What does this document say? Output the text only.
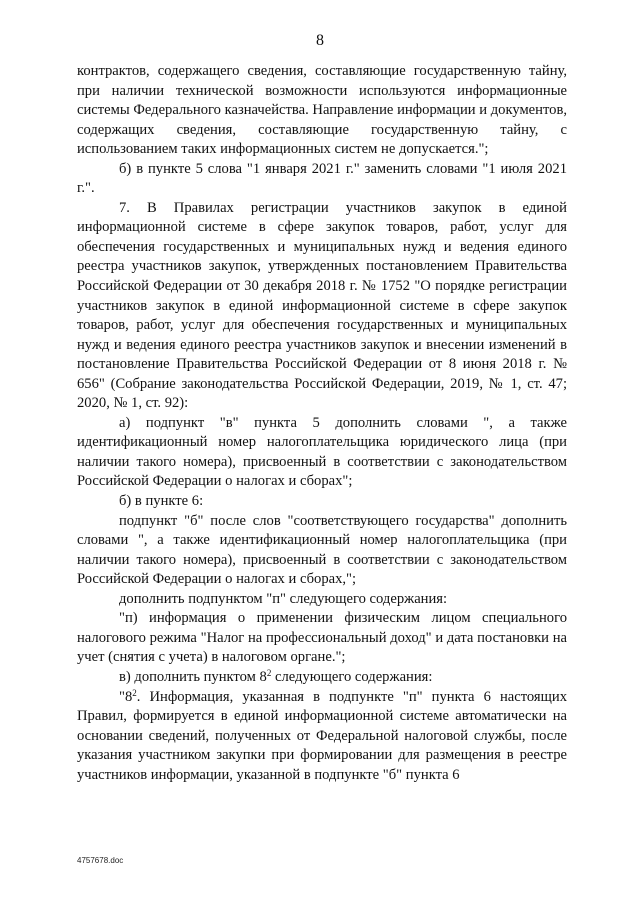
8

контрактов, содержащего сведения, составляющие государственную тайну, при наличии технической возможности используются информационные системы Федерального казначейства. Направление информации и документов, содержащих сведения, составляющие государственную тайну, с использованием таких информационных систем не допускается.";

б) в пункте 5 слова "1 января 2021 г." заменить словами "1 июля 2021 г.".

7. В Правилах регистрации участников закупок в единой информационной системе в сфере закупок товаров, работ, услуг для обеспечения государственных и муниципальных нужд и ведения единого реестра участников закупок, утвержденных постановлением Правительства Российской Федерации от 30 декабря 2018 г. № 1752 "О порядке регистрации участников закупок в единой информационной системе в сфере закупок товаров, работ, услуг для обеспечения государственных и муниципальных нужд и ведения единого реестра участников закупок и внесении изменений в постановление Правительства Российской Федерации от 8 июня 2018 г. № 656" (Собрание законодательства Российской Федерации, 2019, № 1, ст. 47; 2020, № 1, ст. 92):

а) подпункт "в" пункта 5 дополнить словами ", а также идентификационный номер налогоплательщика юридического лица (при наличии такого номера), присвоенный в соответствии с законодательством Российской Федерации о налогах и сборах";

б) в пункте 6:

подпункт "б" после слов "соответствующего государства" дополнить словами ", а также идентификационный номер налогоплательщика (при наличии такого номера), присвоенный в соответствии с законодательством Российской Федерации о налогах и сборах,";

дополнить подпунктом "п" следующего содержания:

"п) информация о применении физическим лицом специального налогового режима "Налог на профессиональный доход" и дата постановки на учет (снятия с учета) в налоговом органе.";

в) дополнить пунктом $8^2$ следующего содержания:

"$8^2$. Информация, указанная в подпункте "п" пункта 6 настоящих Правил, формируется в единой информационной системе автоматически на основании сведений, полученных от Федеральной налоговой службы, после указания участником закупки при формировании для размещения в реестре участников информации, указанной в подпункте "б" пункта 6

4757678.doc
